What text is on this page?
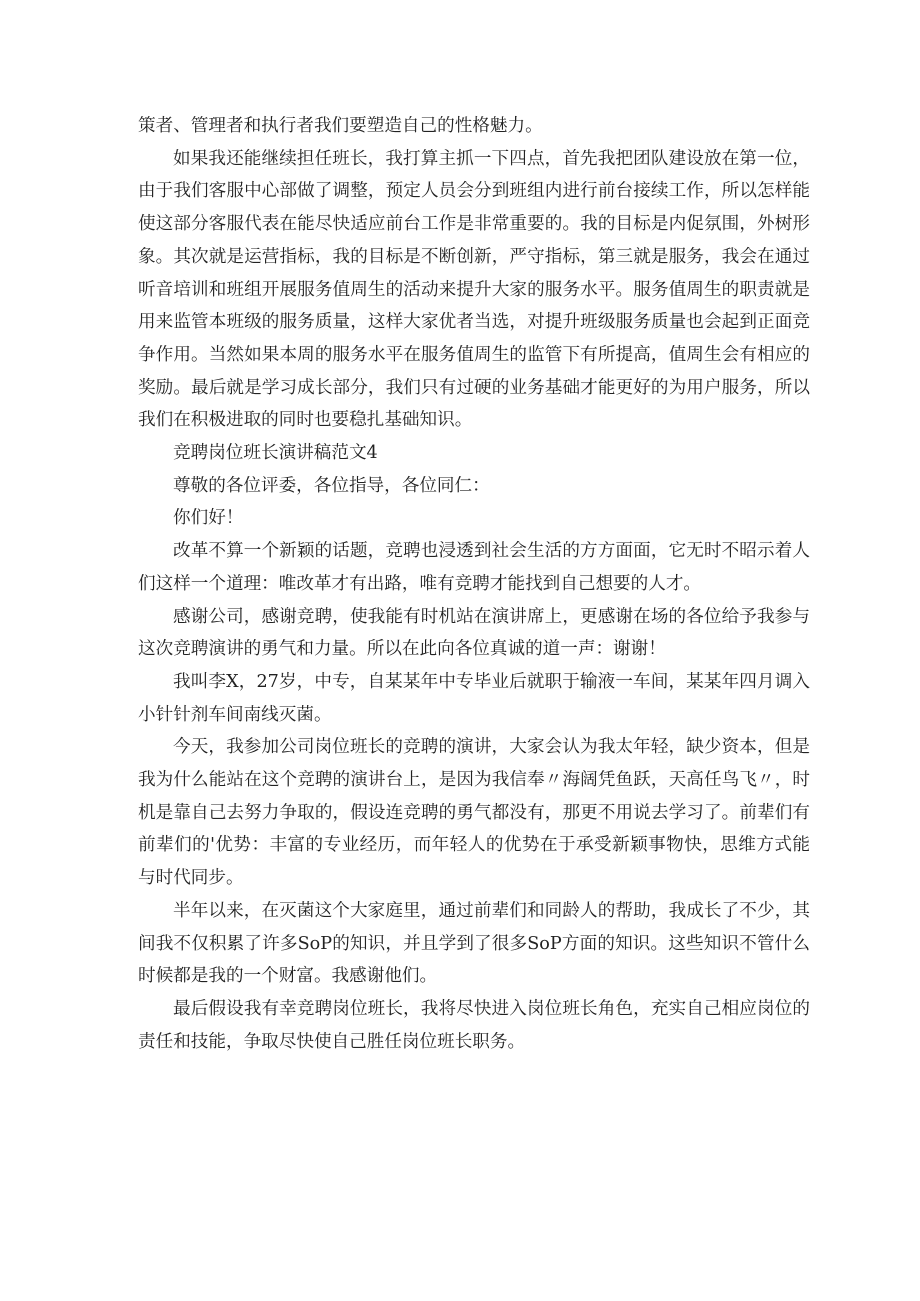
策者、管理者和执行者我们要塑造自己的性格魅力。

如果我还能继续担任班长，我打算主抓一下四点，首先我把团队建设放在第一位，由于我们客服中心部做了调整，预定人员会分到班组内进行前台接续工作，所以怎样能使这部分客服代表在能尽快适应前台工作是非常重要的。我的目标是内促氛围，外树形象。其次就是运营指标，我的目标是不断创新，严守指标，第三就是服务，我会在通过听音培训和班组开展服务值周生的活动来提升大家的服务水平。服务值周生的职责就是用来监管本班级的服务质量，这样大家优者当选，对提升班级服务质量也会起到正面竞争作用。当然如果本周的服务水平在服务值周生的监管下有所提高，值周生会有相应的奖励。最后就是学习成长部分，我们只有过硬的业务基础才能更好的为用户服务，所以我们在积极进取的同时也要稳扎基础知识。

竞聘岗位班长演讲稿范文4

尊敬的各位评委，各位指导，各位同仁：

你们好！

改革不算一个新颖的话题，竞聘也浸透到社会生活的方方面面，它无时不昭示着人们这样一个道理：唯改革才有出路，唯有竞聘才能找到自己想要的人才。

感谢公司，感谢竞聘，使我能有时机站在演讲席上，更感谢在场的各位给予我参与这次竞聘演讲的勇气和力量。所以在此向各位真诚的道一声：谢谢！

我叫李X，27岁，中专，自某某年中专毕业后就职于输液一车间，某某年四月调入小针针剂车间南线灭菌。

今天，我参加公司岗位班长的竞聘的演讲，大家会认为我太年轻，缺少资本，但是我为什么能站在这个竞聘的演讲台上，是因为我信奉〃海阔凭鱼跃，天高任鸟飞〃，时机是靠自己去努力争取的，假设连竞聘的勇气都没有，那更不用说去学习了。前辈们有前辈们的'优势：丰富的专业经历，而年轻人的优势在于承受新颖事物快，思维方式能与时代同步。

半年以来，在灭菌这个大家庭里，通过前辈们和同龄人的帮助，我成长了不少，其间我不仅积累了许多SoP的知识，并且学到了很多SoP方面的知识。这些知识不管什么时候都是我的一个财富。我感谢他们。

最后假设我有幸竞聘岗位班长，我将尽快进入岗位班长角色，充实自己相应岗位的责任和技能，争取尽快使自己胜任岗位班长职务。
